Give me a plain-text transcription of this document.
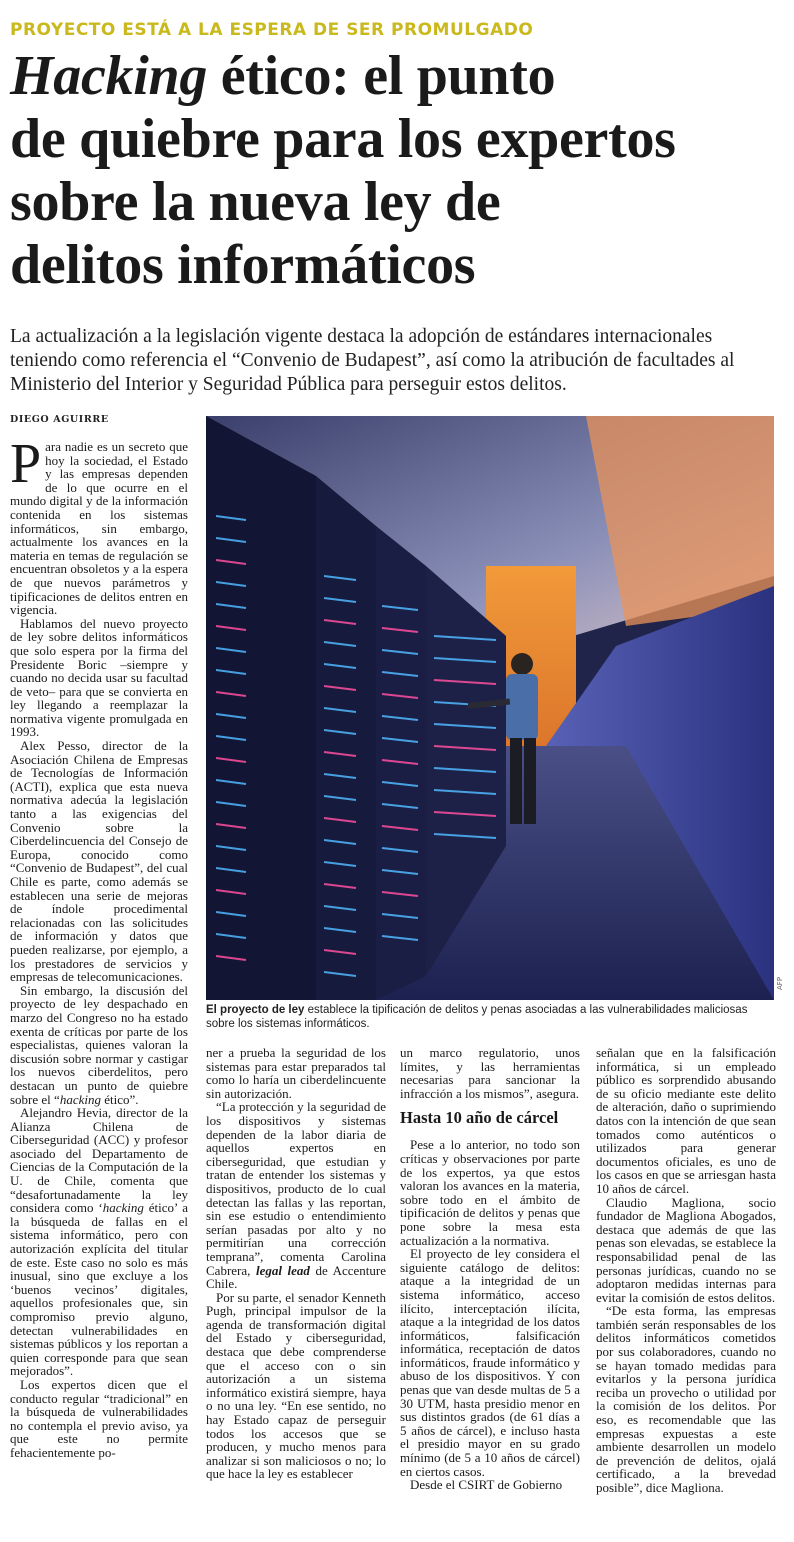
PROYECTO ESTÁ A LA ESPERA DE SER PROMULGADO
Hacking ético: el punto
de quiebre para los expertos
sobre la nueva ley de
delitos informáticos
La actualización a la legislación vigente destaca la adopción de estándares internacionales teniendo como referencia el “Convenio de Budapest”, así como la atribución de facultades al Ministerio del Interior y Seguridad Pública para perseguir estos delitos.
DIEGO AGUIRRE

Para nadie es un secreto que hoy la sociedad, el Estado y las empresas dependen de lo que ocurre en el mundo digital y de la información contenida en los sistemas informáticos, sin embargo, actualmente los avances en la materia en temas de regulación se encuentran obsoletos y a la espera de que nuevos parámetros y tipificaciones de delitos entren en vigencia.

Hablamos del nuevo proyecto de ley sobre delitos informáticos que solo espera por la firma del Presidente Boric –siempre y cuando no decida usar su facultad de veto– para que se convierta en ley llegando a reemplazar la normativa vigente promulgada en 1993.

Alex Pesso, director de la Asociación Chilena de Empresas de Tecnologías de Información (ACTI), explica que esta nueva normativa adecúa la legislación tanto a las exigencias del Convenio sobre la Ciberdelincuencia del Consejo de Europa, conocido como “Convenio de Budapest”, del cual Chile es parte, como además se establecen una serie de mejoras de índole procedimental relacionadas con las solicitudes de información y datos que pueden realizarse, por ejemplo, a los prestadores de servicios y empresas de telecomunicaciones.

Sin embargo, la discusión del proyecto de ley despachado en marzo del Congreso no ha estado exenta de críticas por parte de los especialistas, quienes valoran la discusión sobre normar y castigar los nuevos ciberdelitos, pero destacan un punto de quiebre sobre el “hacking ético”.

Alejandro Hevia, director de la Alianza Chilena de Ciberseguridad (ACC) y profesor asociado del Departamento de Ciencias de la Computación de la U. de Chile, comenta que “desafortunadamente la ley considera como ‘hacking ético’ a la búsqueda de fallas en el sistema informático, pero con autorización explícita del titular de este. Este caso no solo es más inusual, sino que excluye a los ‘buenos vecinos’ digitales, aquellos profesionales que, sin compromiso previo alguno, detectan vulnerabilidades en sistemas públicos y los reportan a quien corresponde para que sean mejorados”.

Los expertos dicen que el conducto regular “tradicional” en la búsqueda de vulnerabilidades no contempla el previo aviso, ya que este no permite fehacientemente po-

AFP
El proyecto de ley establece la tipificación de delitos y penas asociadas a las vulnerabilidades maliciosas sobre los sistemas informáticos.

ner a prueba la seguridad de los sistemas para estar preparados tal como lo haría un ciberdelincuente sin autorización.

“La protección y la seguridad de los dispositivos y sistemas dependen de la labor diaria de aquellos expertos en ciberseguridad, que estudian y tratan de entender los sistemas y dispositivos, producto de lo cual detectan las fallas y las reportan, sin ese estudio o entendimiento serían pasadas por alto y no permitirían una corrección temprana”, comenta Carolina Cabrera, legal lead de Accenture Chile.

Por su parte, el senador Kenneth Pugh, principal impulsor de la agenda de transformación digital del Estado y ciberseguridad, destaca que debe comprenderse que el acceso con o sin autorización a un sistema informático existirá siempre, haya o no una ley. “En ese sentido, no hay Estado capaz de perseguir todos los accesos que se producen, y mucho menos para analizar si son maliciosos o no; lo que hace la ley es establecer

un marco regulatorio, unos límites, y las herramientas necesarias para sancionar la infracción a los mismos”, asegura.

Hasta 10 año de cárcel

Pese a lo anterior, no todo son críticas y observaciones por parte de los expertos, ya que estos valoran los avances en la materia, sobre todo en el ámbito de tipificación de delitos y penas que pone sobre la mesa esta actualización a la normativa.

El proyecto de ley considera el siguiente catálogo de delitos: ataque a la integridad de un sistema informático, acceso ilícito, interceptación ilícita, ataque a la integridad de los datos informáticos, falsificación informática, receptación de datos informáticos, fraude informático y abuso de los dispositivos. Y con penas que van desde multas de 5 a 30 UTM, hasta presidio menor en sus distintos grados (de 61 días a 5 años de cárcel), e incluso hasta el presidio mayor en su grado mínimo (de 5 a 10 años de cárcel) en ciertos casos.

Desde el CSIRT de Gobierno

señalan que en la falsificación informática, si un empleado público es sorprendido abusando de su oficio mediante este delito de alteración, daño o suprimiendo datos con la intención de que sean tomados como auténticos o utilizados para generar documentos oficiales, es uno de los casos en que se arriesgan hasta 10 años de cárcel.

Claudio Magliona, socio fundador de Magliona Abogados, destaca que además de que las penas son elevadas, se establece la responsabilidad penal de las personas jurídicas, cuando no se adoptaron medidas internas para evitar la comisión de estos delitos.

“De esta forma, las empresas también serán responsables de los delitos informáticos cometidos por sus colaboradores, cuando no se hayan tomado medidas para evitarlos y la persona jurídica reciba un provecho o utilidad por la comisión de los delitos. Por eso, es recomendable que las empresas expuestas a este ambiente desarrollen un modelo de prevención de delitos, ojalá certificado, a la brevedad posible”, dice Magliona.
